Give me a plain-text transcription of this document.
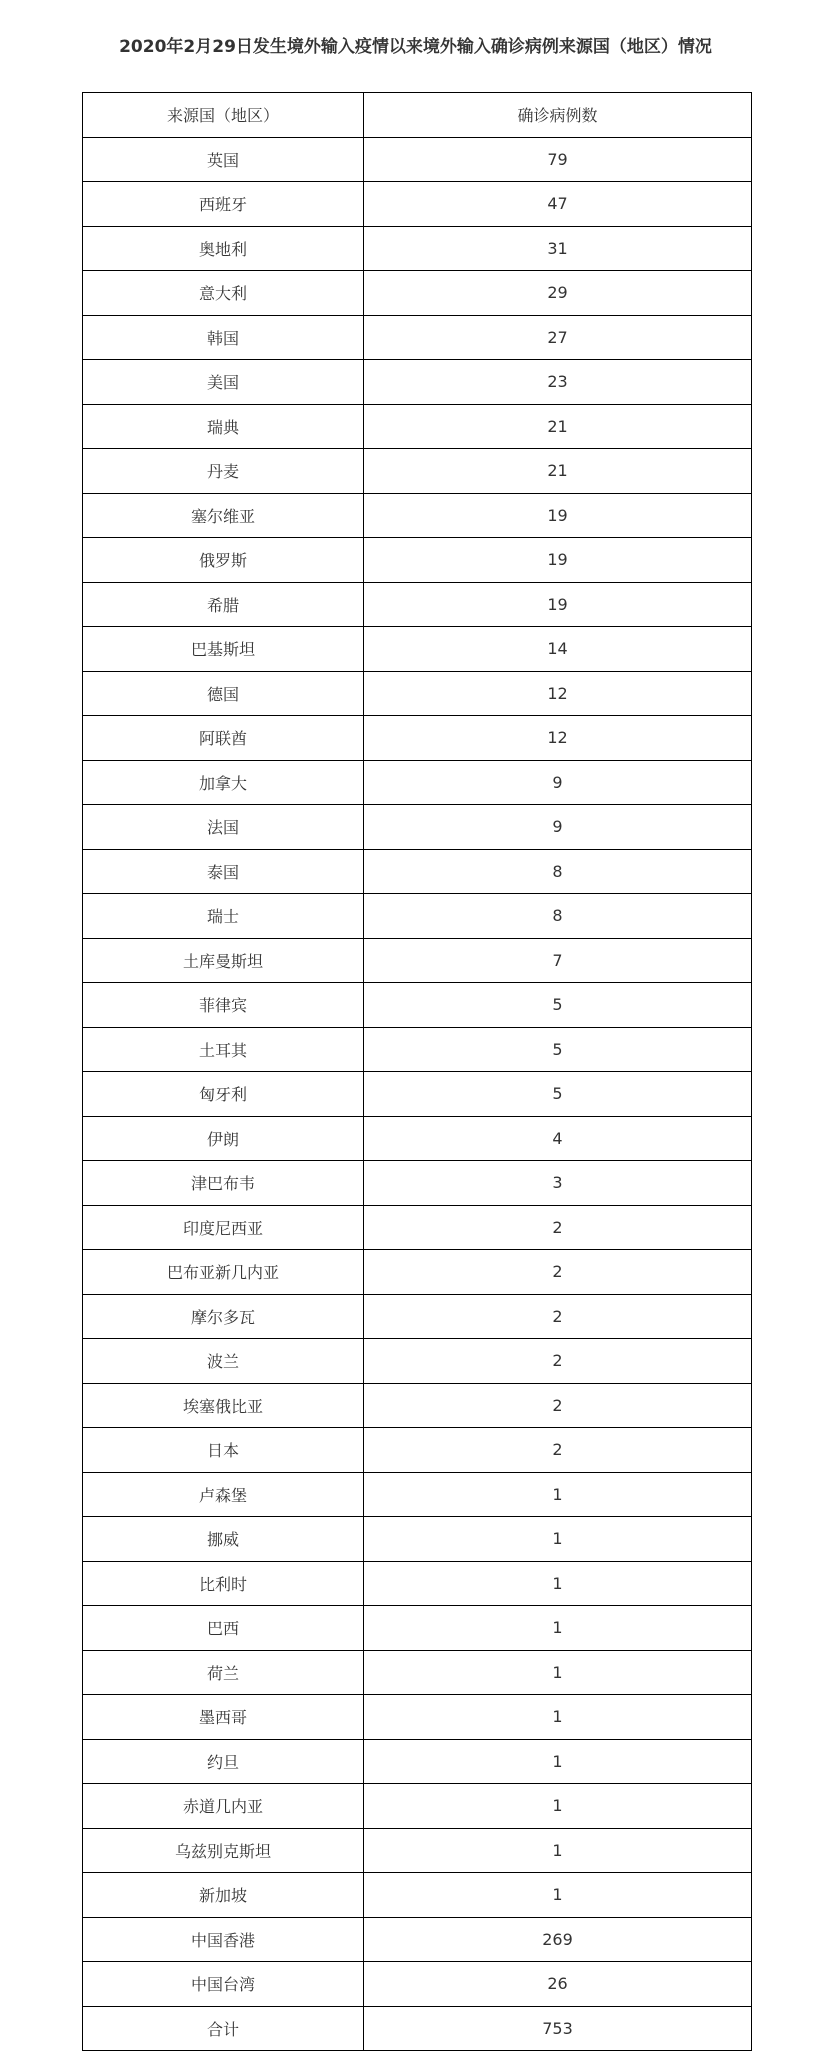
2020年2月29日发生境外输入疫情以来境外输入确诊病例来源国（地区）情况
来源国（地区）	确诊病例数
英国	79
西班牙	47
奥地利	31
意大利	29
韩国	27
美国	23
瑞典	21
丹麦	21
塞尔维亚	19
俄罗斯	19
希腊	19
巴基斯坦	14
德国	12
阿联酋	12
加拿大	9
法国	9
泰国	8
瑞士	8
土库曼斯坦	7
菲律宾	5
土耳其	5
匈牙利	5
伊朗	4
津巴布韦	3
印度尼西亚	2
巴布亚新几内亚	2
摩尔多瓦	2
波兰	2
埃塞俄比亚	2
日本	2
卢森堡	1
挪威	1
比利时	1
巴西	1
荷兰	1
墨西哥	1
约旦	1
赤道几内亚	1
乌兹别克斯坦	1
新加坡	1
中国香港	269
中国台湾	26
合计	753
